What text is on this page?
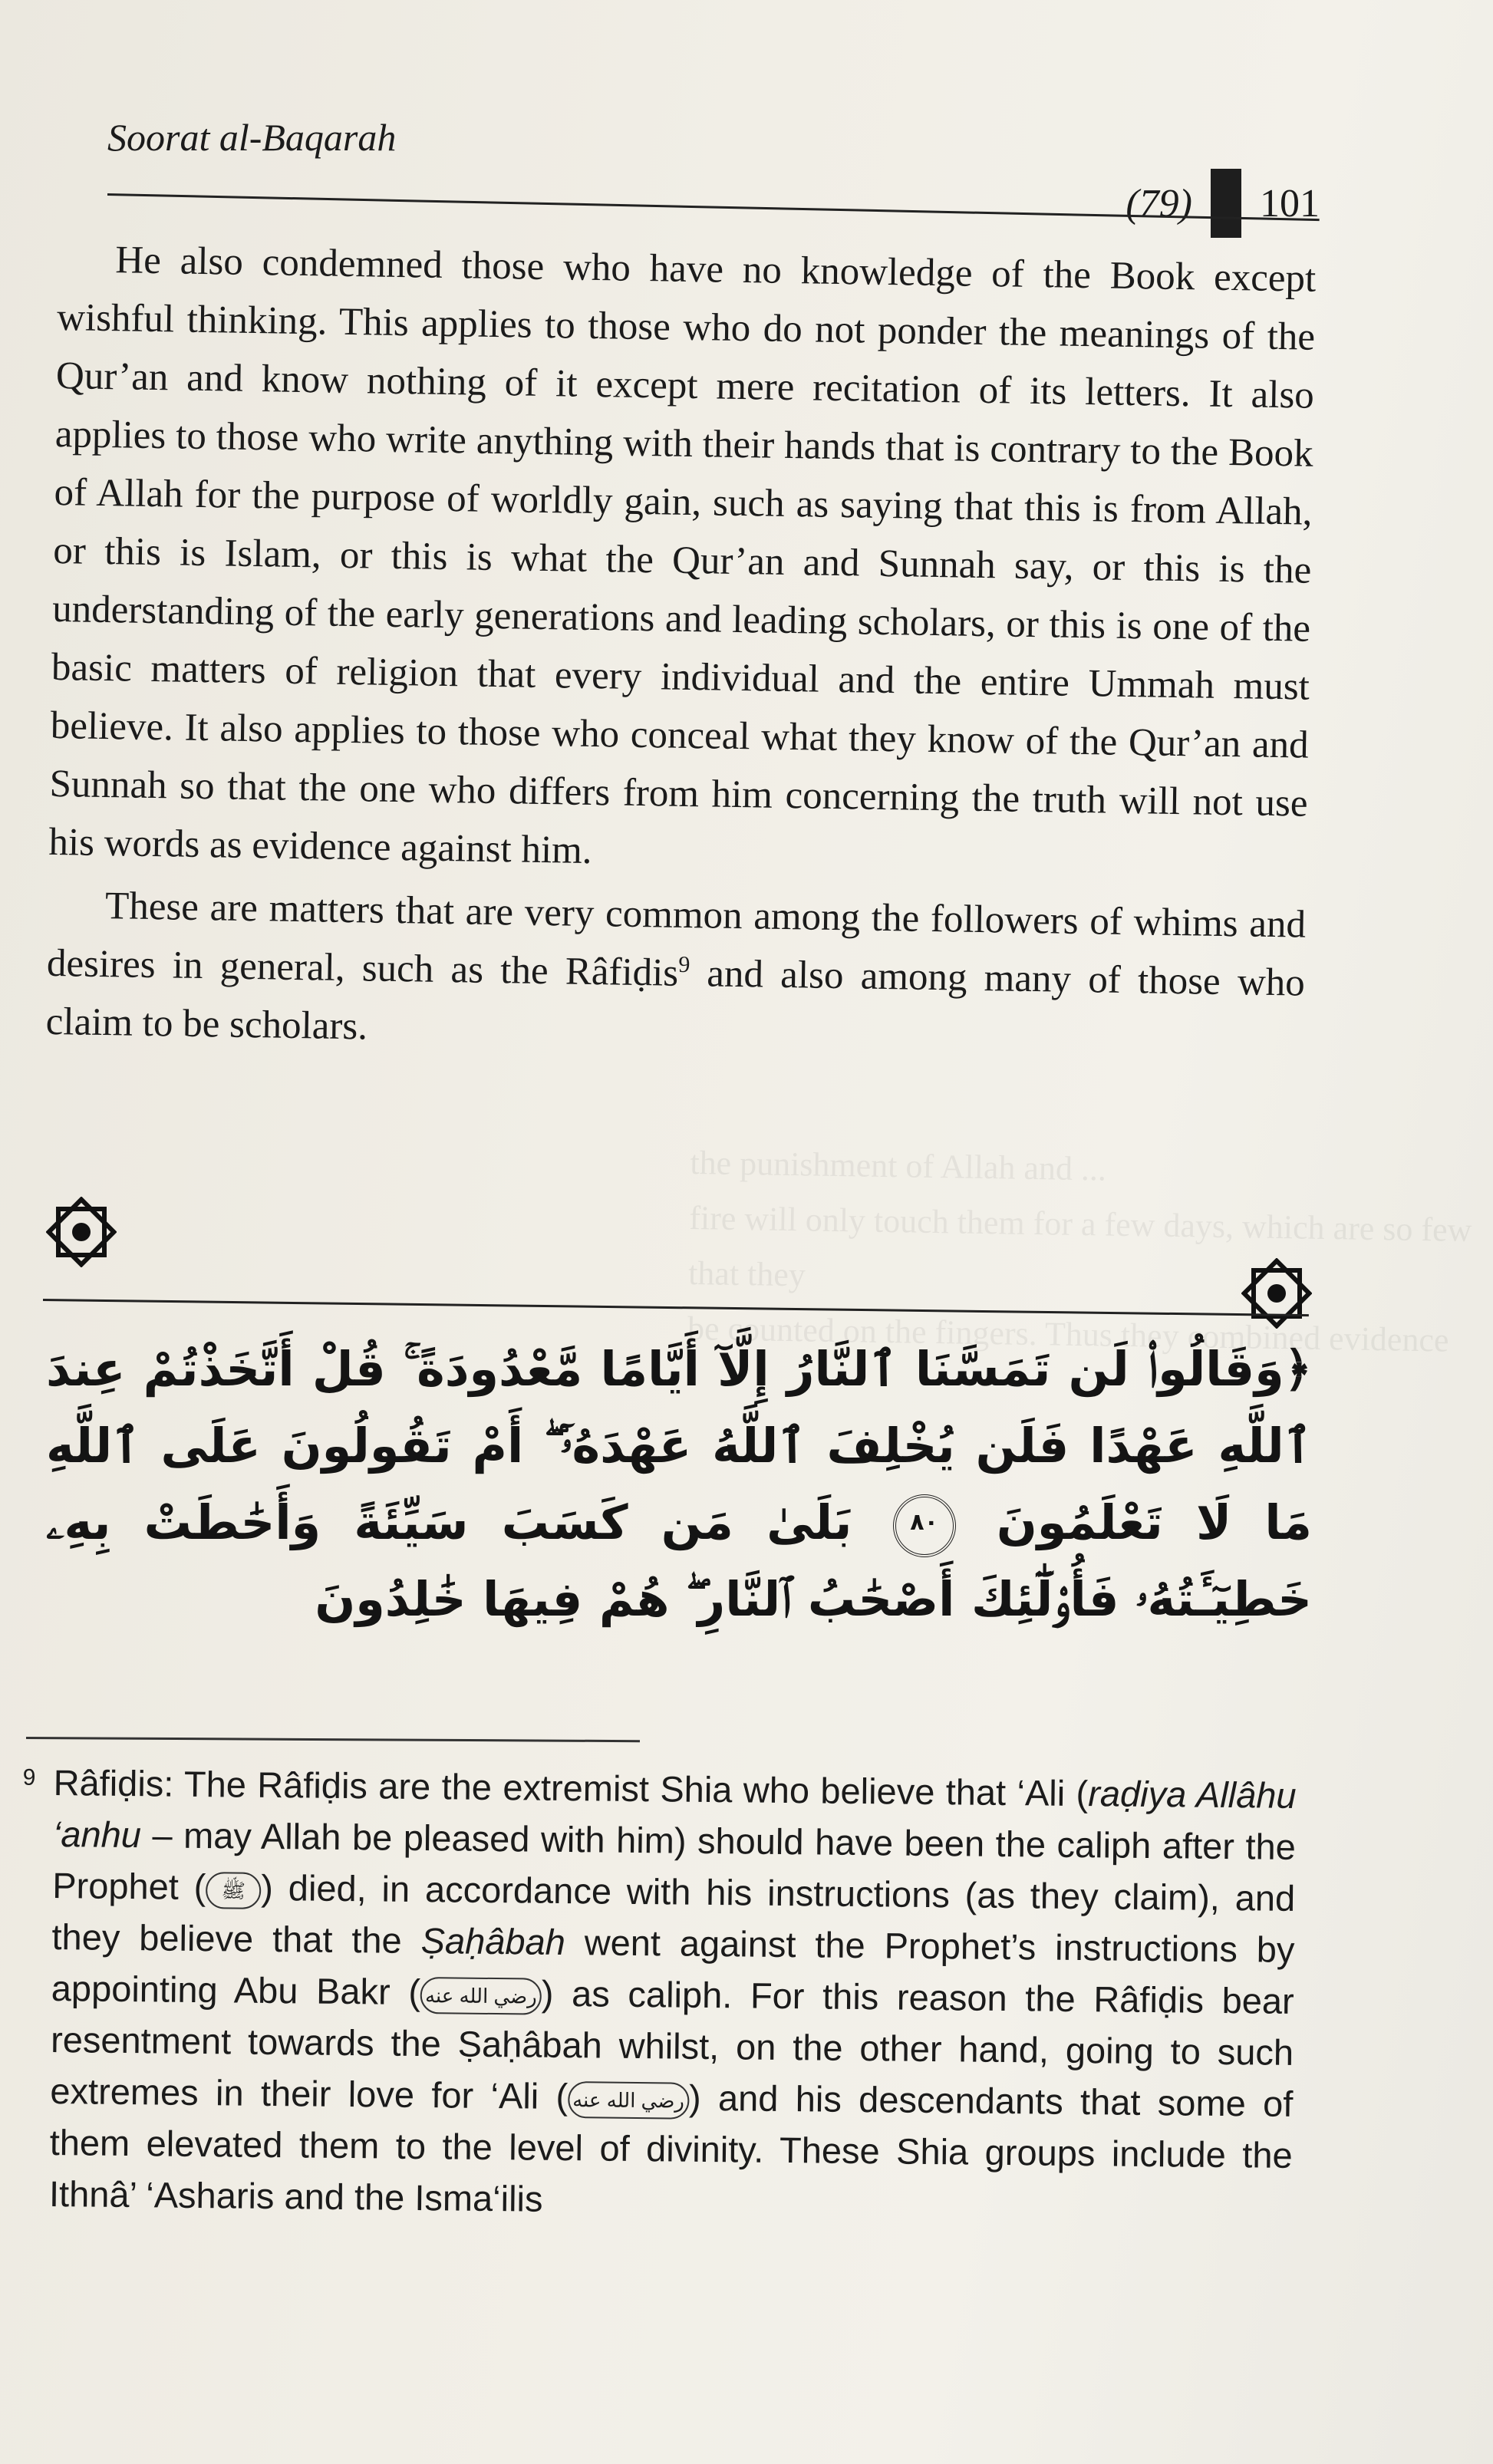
the punishment of Allah and ...
fire will only touch them for a few days, which are so few that they
be counted on the fingers. Thus they combined evidence
Soorat al-Baqarah
(79) 101

He also condemned those who have no knowledge of the Book except wishful thinking. This applies to those who do not ponder the meanings of the Qur’an and know nothing of it except mere recitation of its letters. It also applies to those who write anything with their hands that is contrary to the Book of Allah for the purpose of worldly gain, such as saying that this is from Allah, or this is Islam, or this is what the Qur’an and Sunnah say, or this is the understanding of the early generations and leading scholars, or this is one of the basic matters of religion that every individual and the entire Ummah must believe. It also applies to those who conceal what they know of the Qur’an and Sunnah so that the one who differs from him concerning the truth will not use his words as evidence against him.

These are matters that are very common among the followers of whims and desires in general, such as the Râfiḍis$^9$ and also among many of those who claim to be scholars.

﴿وَقَالُوا۟ لَن تَمَسَّنَا ٱلنَّارُ إِلَّآ أَيَّامًا مَّعْدُودَةً ۚ قُلْ أَتَّخَذْتُمْ عِندَ ٱللَّهِ عَهْدًا فَلَن يُخْلِفَ ٱللَّهُ عَهْدَهُۥٓ ۖ أَمْ تَقُولُونَ عَلَى ٱللَّهِ مَا لَا تَعْلَمُونَ ٨٠ بَلَىٰ مَن كَسَبَ سَيِّئَةً وَأَحَٰطَتْ بِهِۦ خَطِيٓـَٔتُهُۥ فَأُو۟لَٰٓئِكَ أَصْحَٰبُ ٱلنَّارِ ۖ هُمْ فِيهَا خَٰلِدُونَ
9 Râfiḍis: The Râfiḍis are the extremist Shia who believe that ‘Ali (raḍiya Allâhu ‘anhu – may Allah be pleased with him) should have been the caliph after the Prophet ( ﷺ ) died, in accordance with his instructions (as they claim), and they believe that the Ṣaḥâbah went against the Prophet’s instructions by appointing Abu Bakr ( رضي الله عنه ) as caliph. For this reason the Râfiḍis bear resentment towards the Ṣaḥâbah whilst, on the other hand, going to such extremes in their love for ‘Ali ( رضي الله عنه ) and his descendants that some of them elevated them to the level of divinity. These Shia groups include the Ithnâ’ ‘Asharis and the Isma‘ilis
